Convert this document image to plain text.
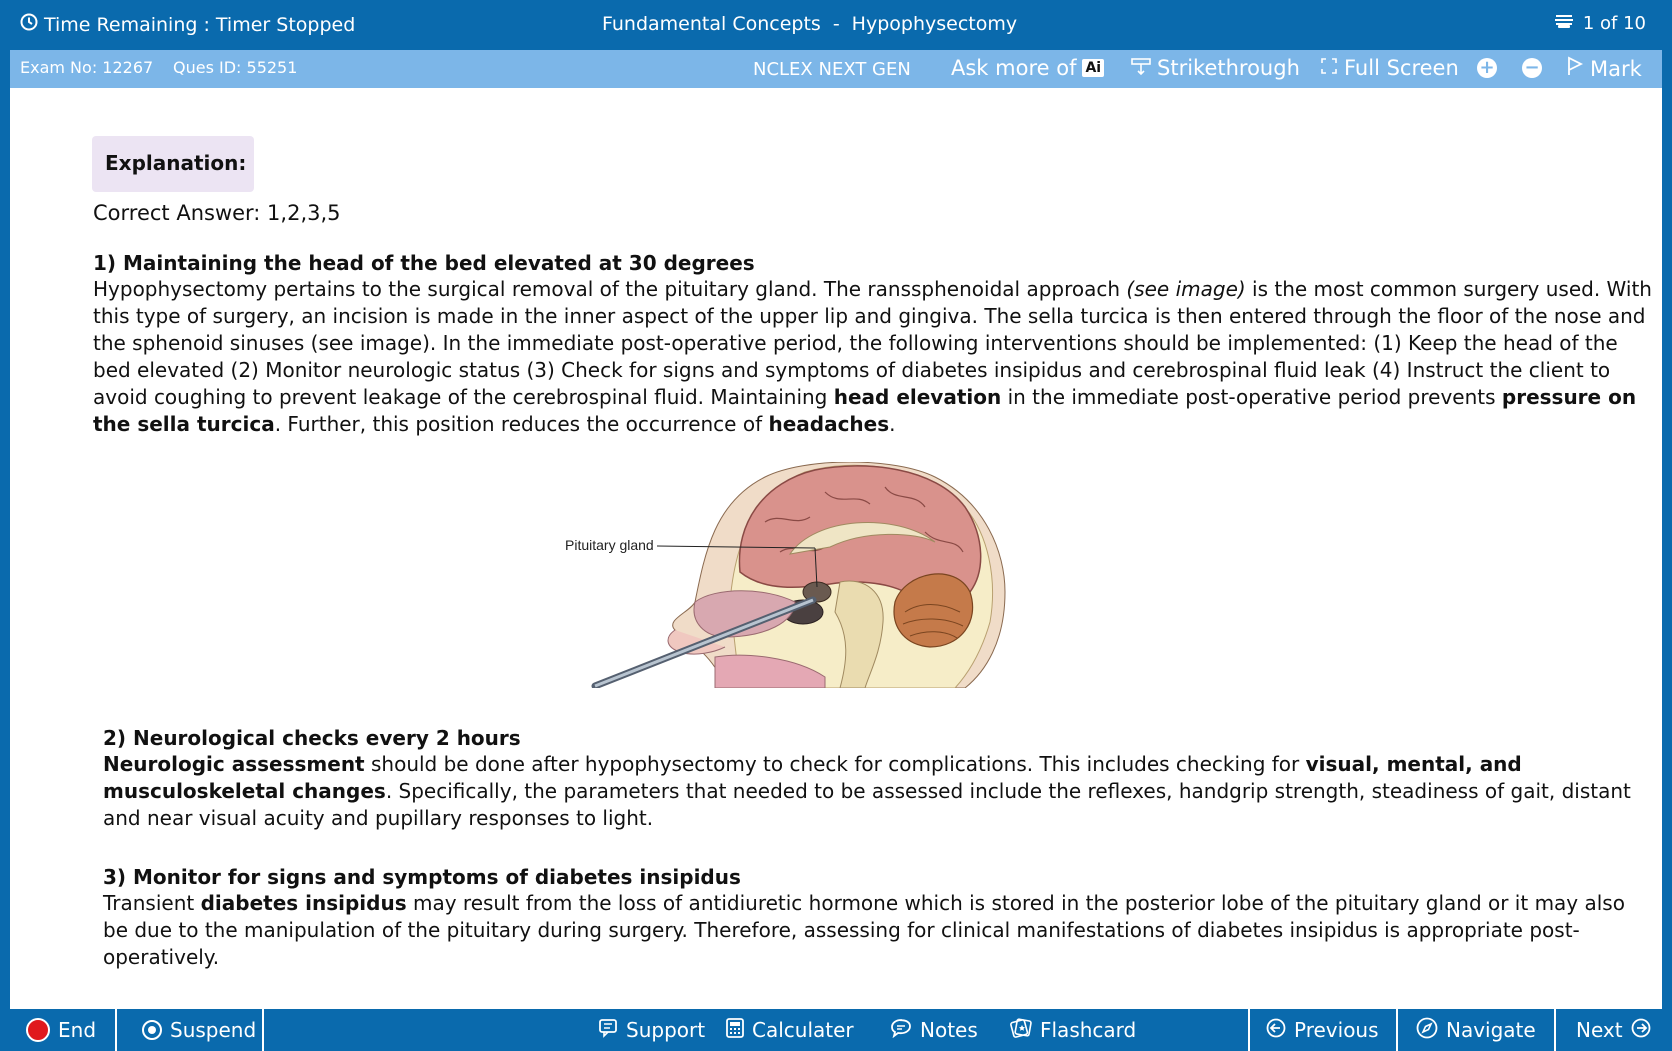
Time Remaining : Timer Stopped	Fundamental Concepts - Hypophysectomy	1 of 10
Exam No: 12267 Ques ID: 55251	NCLEX NEXT GEN Ask more of Ai	Strikethrough Full Screen + − Mark
Explanation:
Correct Answer: 1,2,3,5
1) Maintaining the head of the bed elevated at 30 degrees

Hypophysectomy pertains to the surgical removal of the pituitary gland. The ranssphenoidal approach (see image) is the most common surgery used. With this type of surgery, an incision is made in the inner aspect of the upper lip and gingiva. The sella turcica is then entered through the floor of the nose and the sphenoid sinuses (see image). In the immediate post-operative period, the following interventions should be implemented: (1) Keep the head of the bed elevated (2) Monitor neurologic status (3) Check for signs and symptoms of diabetes insipidus and cerebrospinal fluid leak (4) Instruct the client to avoid coughing to prevent leakage of the cerebrospinal fluid. Maintaining head elevation in the immediate post-operative period prevents pressure on the sella turcica. Further, this position reduces the occurrence of headaches.

Pituitary gland
2) Neurological checks every 2 hours

Neurologic assessment should be done after hypophysectomy to check for complications. This includes checking for visual, mental, and musculoskeletal changes. Specifically, the parameters that needed to be assessed include the reflexes, handgrip strength, steadiness of gait, distant and near visual acuity and pupillary responses to light.

3) Monitor for signs and symptoms of diabetes insipidus

Transient diabetes insipidus may result from the loss of antidiuretic hormone which is stored in the posterior lobe of the pituitary gland or it may also be due to the manipulation of the pituitary during surgery. Therefore, assessing for clinical manifestations of diabetes insipidus is appropriate post-operatively.

End	Suspend	Support Calculater	Notes	Flashcard	Previous	Navigate Next
